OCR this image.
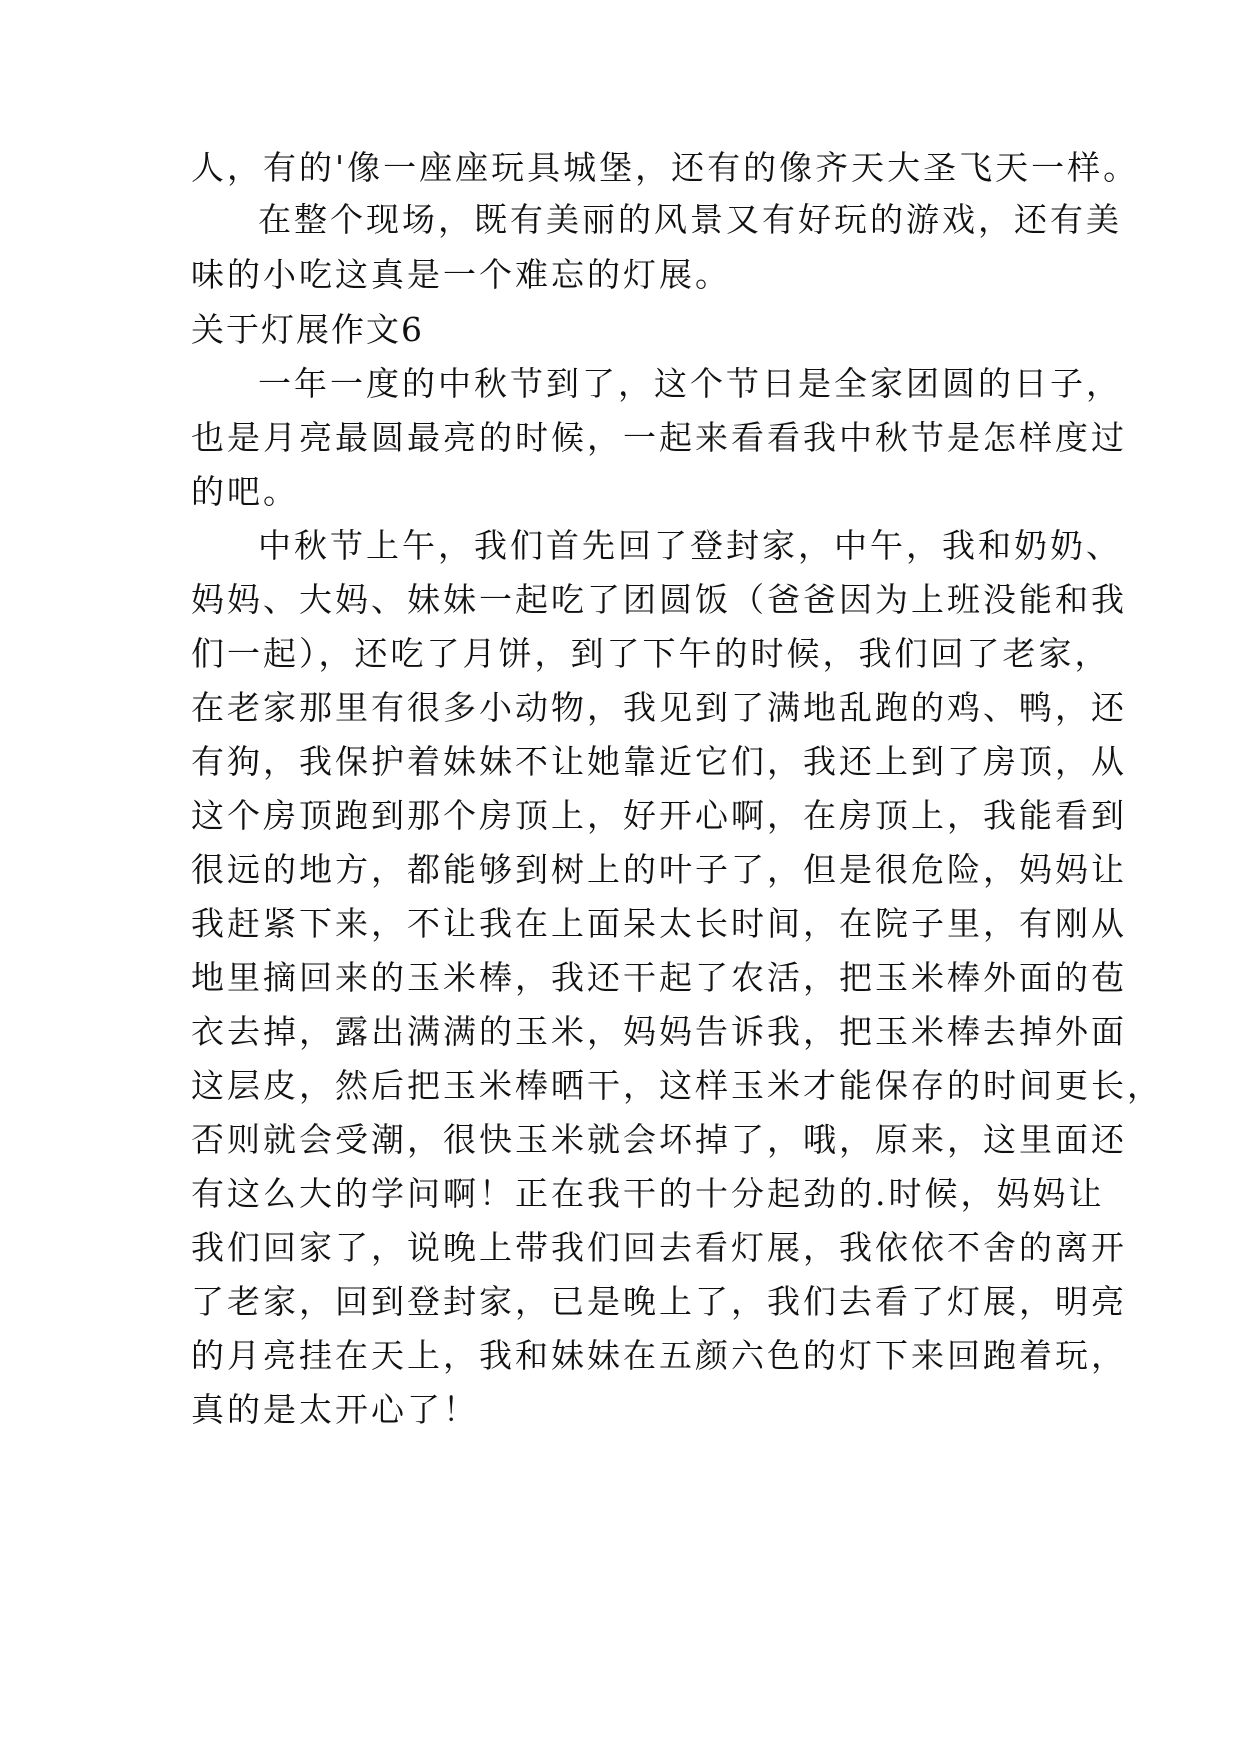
人，有的'像一座座玩具城堡，还有的像齐天大圣飞天一样。
在整个现场，既有美丽的风景又有好玩的游戏，还有美
味的小吃这真是一个难忘的灯展。
关于灯展作文6
一年一度的中秋节到了，这个节日是全家团圆的日子，
也是月亮最圆最亮的时候，一起来看看我中秋节是怎样度过
的吧。
中秋节上午，我们首先回了登封家，中午，我和奶奶、
妈妈、大妈、妹妹一起吃了团圆饭（爸爸因为上班没能和我
们一起），还吃了月饼，到了下午的时候，我们回了老家，
在老家那里有很多小动物，我见到了满地乱跑的鸡、鸭，还
有狗，我保护着妹妹不让她靠近它们，我还上到了房顶，从
这个房顶跑到那个房顶上，好开心啊，在房顶上，我能看到
很远的地方，都能够到树上的叶子了，但是很危险，妈妈让
我赶紧下来，不让我在上面呆太长时间，在院子里，有刚从
地里摘回来的玉米棒，我还干起了农活，把玉米棒外面的苞
衣去掉，露出满满的玉米，妈妈告诉我，把玉米棒去掉外面
这层皮，然后把玉米棒晒干，这样玉米才能保存的时间更长，
否则就会受潮，很快玉米就会坏掉了，哦，原来，这里面还
有这么大的学问啊！正在我干的十分起劲的.时候，妈妈让
我们回家了，说晚上带我们回去看灯展，我依依不舍的离开
了老家，回到登封家，已是晚上了，我们去看了灯展，明亮
的月亮挂在天上，我和妹妹在五颜六色的灯下来回跑着玩，
真的是太开心了！
